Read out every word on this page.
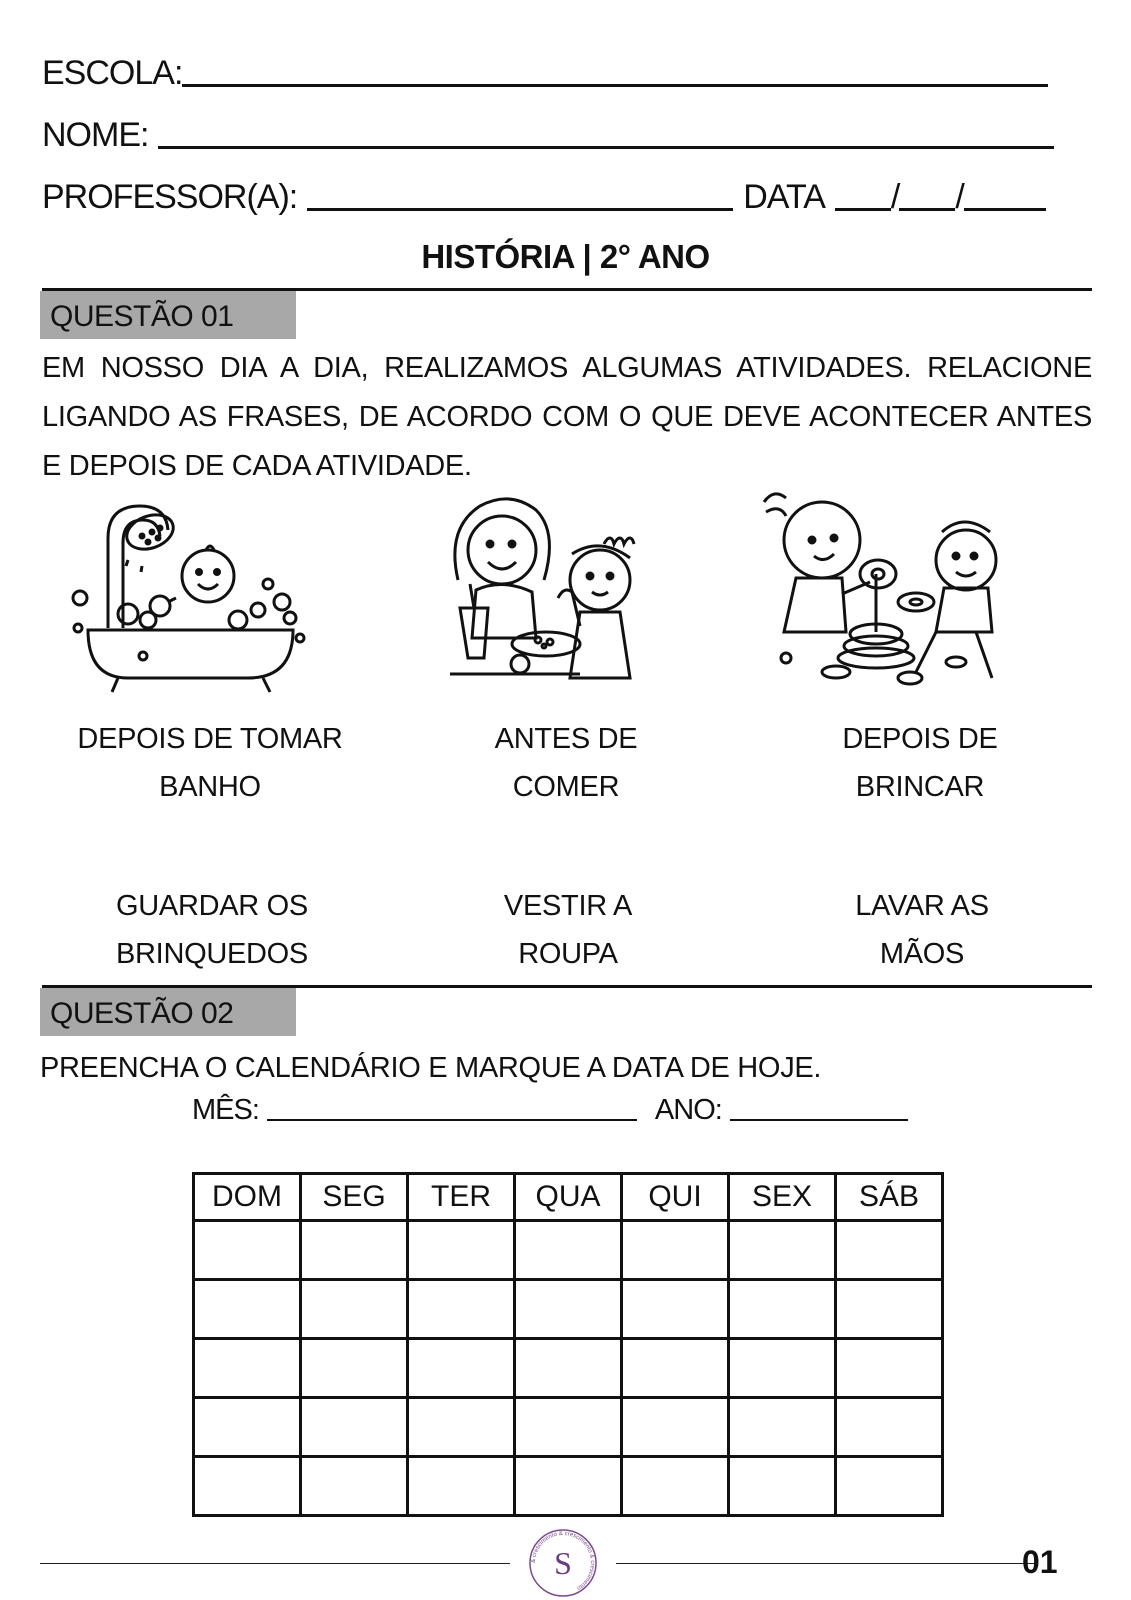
ESCOLA:
NOME:
PROFESSOR(A):	DATA / /
HISTÓRIA | 2° ANO
QUESTÃO 01
EM NOSSO DIA A DIA, REALIZAMOS ALGUMAS ATIVIDADES. RELACIONE LIGANDO AS FRASES, DE ACORDO COM O QUE DEVE ACONTECER ANTES E DEPOIS DE CADA ATIVIDADE.
DEPOIS DE TOMAR
BANHO
ANTES DE
COMER
DEPOIS DE
BRINCAR
GUARDAR OS
BRINQUEDOS
VESTIR A
ROUPA
LAVAR AS
MÃOS
QUESTÃO 02
PREENCHA O CALENDÁRIO E MARQUE A DATA DE HOJE.
MÊS:	ANO:
DOM	SEG	TER	QUA	QUI	SEX	SÁB

& crescimento & crescimento & crescimento
S	01
